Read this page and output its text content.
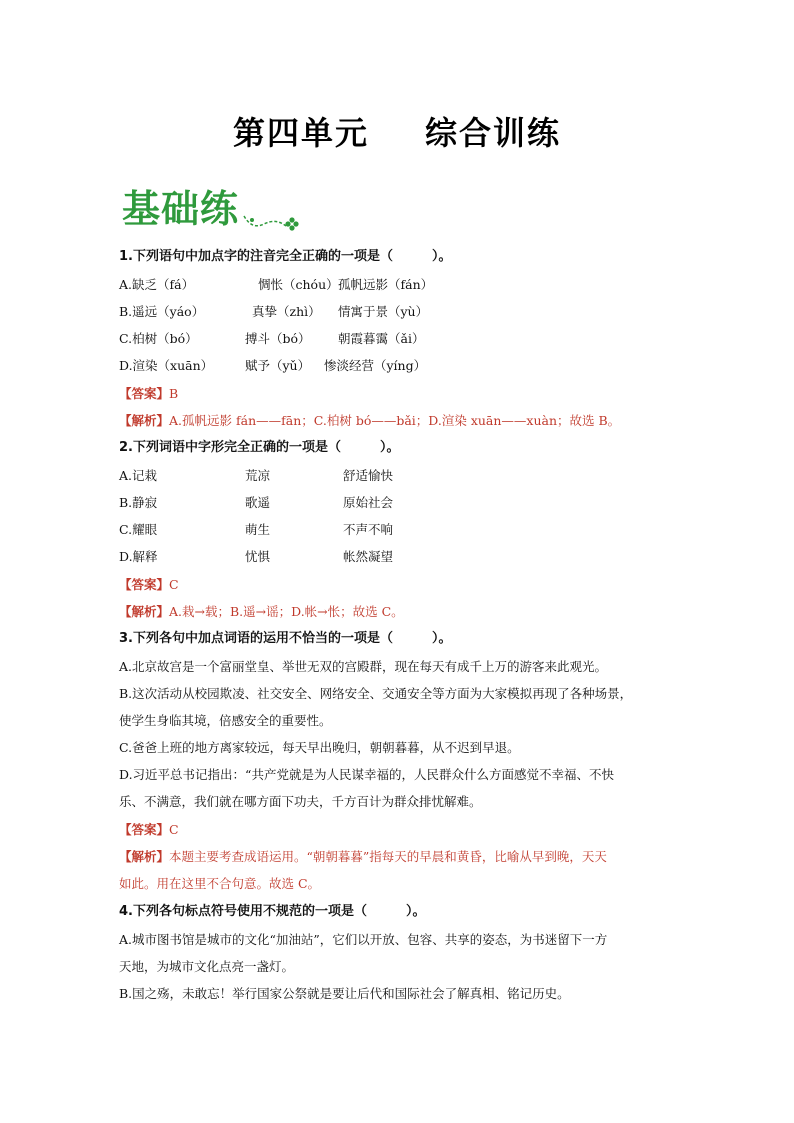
第四单元 综合训练
基础练
1.下列语句中加点字的注音完全正确的一项是（　　　）。
A.缺乏（fá）	惆怅（chóu） 孤帆远影（fán）
B.遥远（yáo）	真挚（zhì） 情寓于景（yù）
C.柏树（bó）	搏斗（bó） 朝霞暮霭（ǎi）
D.渲染（xuān）	赋予（yǔ） 惨淡经营（yíng）
【答案】B
【解析】A.孤帆远影 fán——fān；C.柏树 bó——bǎi；D.渲染 xuān——xuàn；故选 B。
2.下列词语中字形完全正确的一项是（　　　）。
A.记栽	荒凉	舒适愉快
B.静寂	歌遥	原始社会
C.耀眼	萌生	不声不响
D.解释	忧惧	帐然凝望
【答案】C
【解析】A.栽→载；B.遥→谣；D.帐→怅；故选 C。
3.下列各句中加点词语的运用不恰当的一项是（　　　）。
A.北京故宫是一个富丽堂皇、举世无双的宫殿群，现在每天有成千上万的游客来此观光。
B.这次活动从校园欺凌、社交安全、网络安全、交通安全等方面为大家模拟再现了各种场景，
使学生身临其境，倍感安全的重要性。
C.爸爸上班的地方离家较远，每天早出晚归，朝朝暮暮，从不迟到早退。
D.习近平总书记指出：“共产党就是为人民谋幸福的，人民群众什么方面感觉不幸福、不快
乐、不满意，我们就在哪方面下功夫，千方百计为群众排忧解难。
【答案】C
【解析】本题主要考查成语运用。“朝朝暮暮”指每天的早晨和黄昏，比喻从早到晚，天天
如此。用在这里不合句意。故选 C。
4.下列各句标点符号使用不规范的一项是（　　　）。
A.城市图书馆是城市的文化“加油站”，它们以开放、包容、共享的姿态，为书迷留下一方
天地，为城市文化点亮一盏灯。
B.国之殇，未敢忘！举行国家公祭就是要让后代和国际社会了解真相、铭记历史。
